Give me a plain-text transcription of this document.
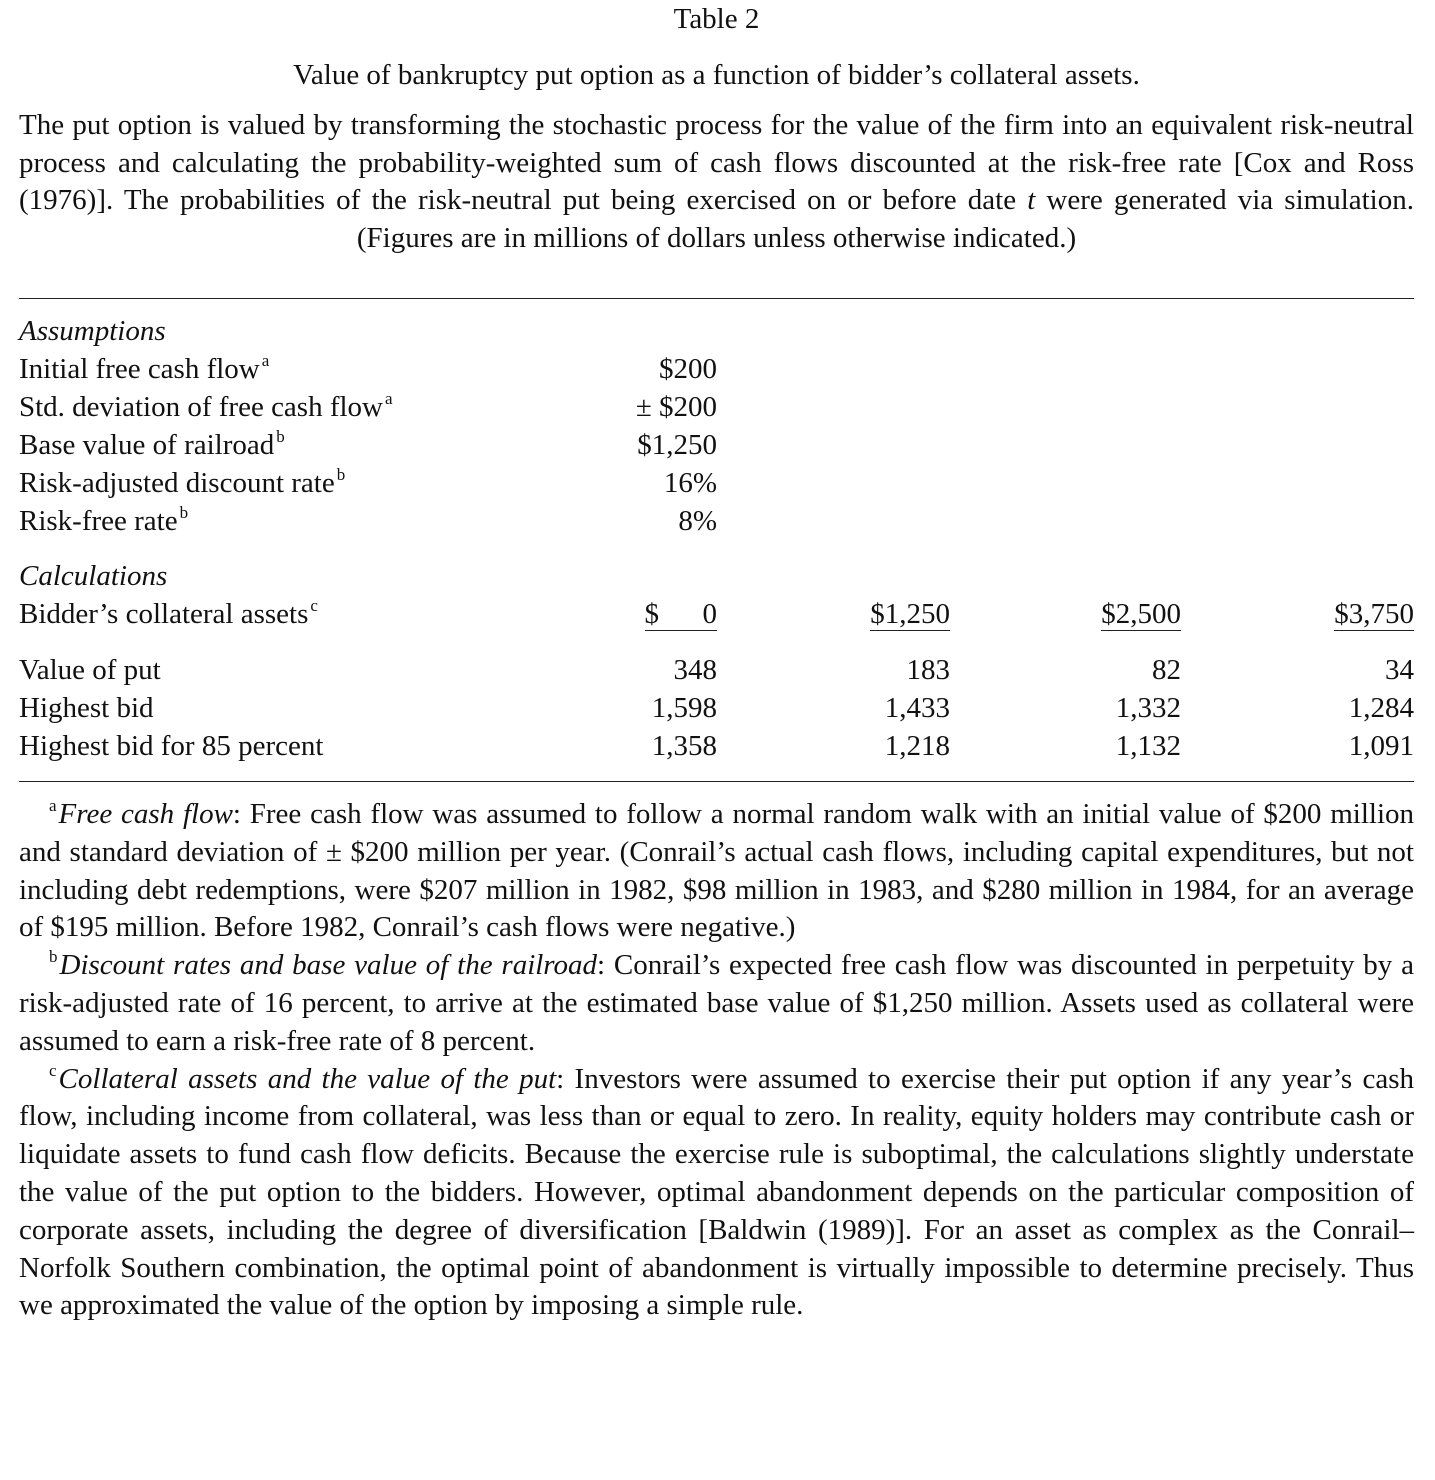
Table 2
Value of bankruptcy put option as a function of bidder’s collateral assets.
The put option is valued by transforming the stochastic process for the value of the firm into an equivalent risk-neutral process and calculating the probability-weighted sum of cash flows discounted at the risk-free rate [Cox and Ross (1976)]. The probabilities of the risk-neutral put being exercised on or before date t were generated via simulation. (Figures are in millions of dollars unless otherwise indicated.)
Assumptions
Initial free cash flow $^a$	$200
Std. deviation of free cash flow $^a$	± $200
Base value of railroad $^b$	$1,250
Risk-adjusted discount rate $^b$	16%
Risk-free rate $^b$	8%
Calculations
Bidder’s collateral assets $^c$	$      0	$1,250	$2,500	$3,750
Value of put	348	183	82	34
Highest bid	1,598	1,433	1,332	1,284
Highest bid for 85 percent	1,358	1,218	1,132	1,091

$^a$Free cash flow: Free cash flow was assumed to follow a normal random walk with an initial value of $200 million and standard deviation of ± $200 million per year. (Conrail’s actual cash flows, including capital expenditures, but not including debt redemptions, were $207 million in 1982, $98 million in 1983, and $280 million in 1984, for an average of $195 million. Before 1982, Conrail’s cash flows were negative.)

$^b$Discount rates and base value of the railroad: Conrail’s expected free cash flow was discounted in perpetuity by a risk-adjusted rate of 16 percent, to arrive at the estimated base value of $1,250 million. Assets used as collateral were assumed to earn a risk-free rate of 8 percent.

$^c$Collateral assets and the value of the put: Investors were assumed to exercise their put option if any year’s cash flow, including income from collateral, was less than or equal to zero. In reality, equity holders may contribute cash or liquidate assets to fund cash flow deficits. Because the exercise rule is suboptimal, the calculations slightly understate the value of the put option to the bidders. However, optimal abandonment depends on the particular composition of corporate assets, including the degree of diversification [Baldwin (1989)]. For an asset as complex as the Conrail–Norfolk Southern combination, the optimal point of abandonment is virtually impossible to determine precisely. Thus we approximated the value of the option by imposing a simple rule.
